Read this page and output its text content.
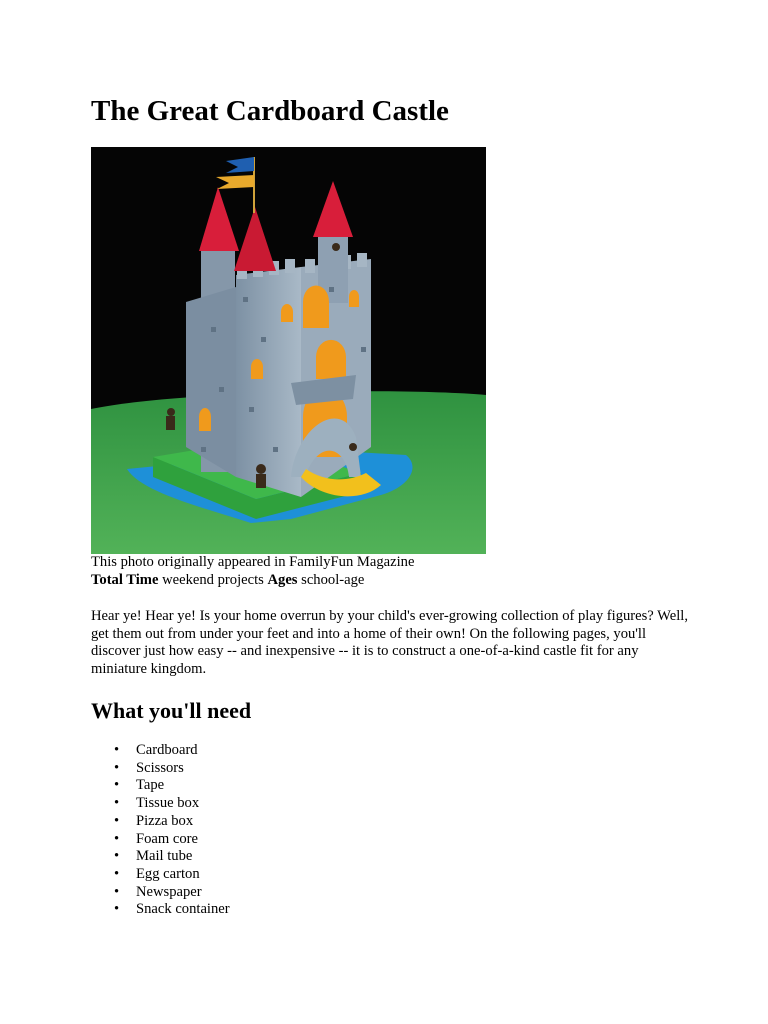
The Great Cardboard Castle

This photo originally appeared in FamilyFun Magazine

Total Time weekend projects Ages school-age

Hear ye! Hear ye! Is your home overrun by your child's ever-growing collection of play figures? Well, get them out from under your feet and into a home of their own! On the following pages, you'll discover just how easy -- and inexpensive -- it is to construct a one-of-a-kind castle fit for any miniature kingdom.

What you'll need
• Cardboard
• Scissors
• Tape
• Tissue box
• Pizza box
• Foam core
• Mail tube
• Egg carton
• Newspaper
• Snack container
